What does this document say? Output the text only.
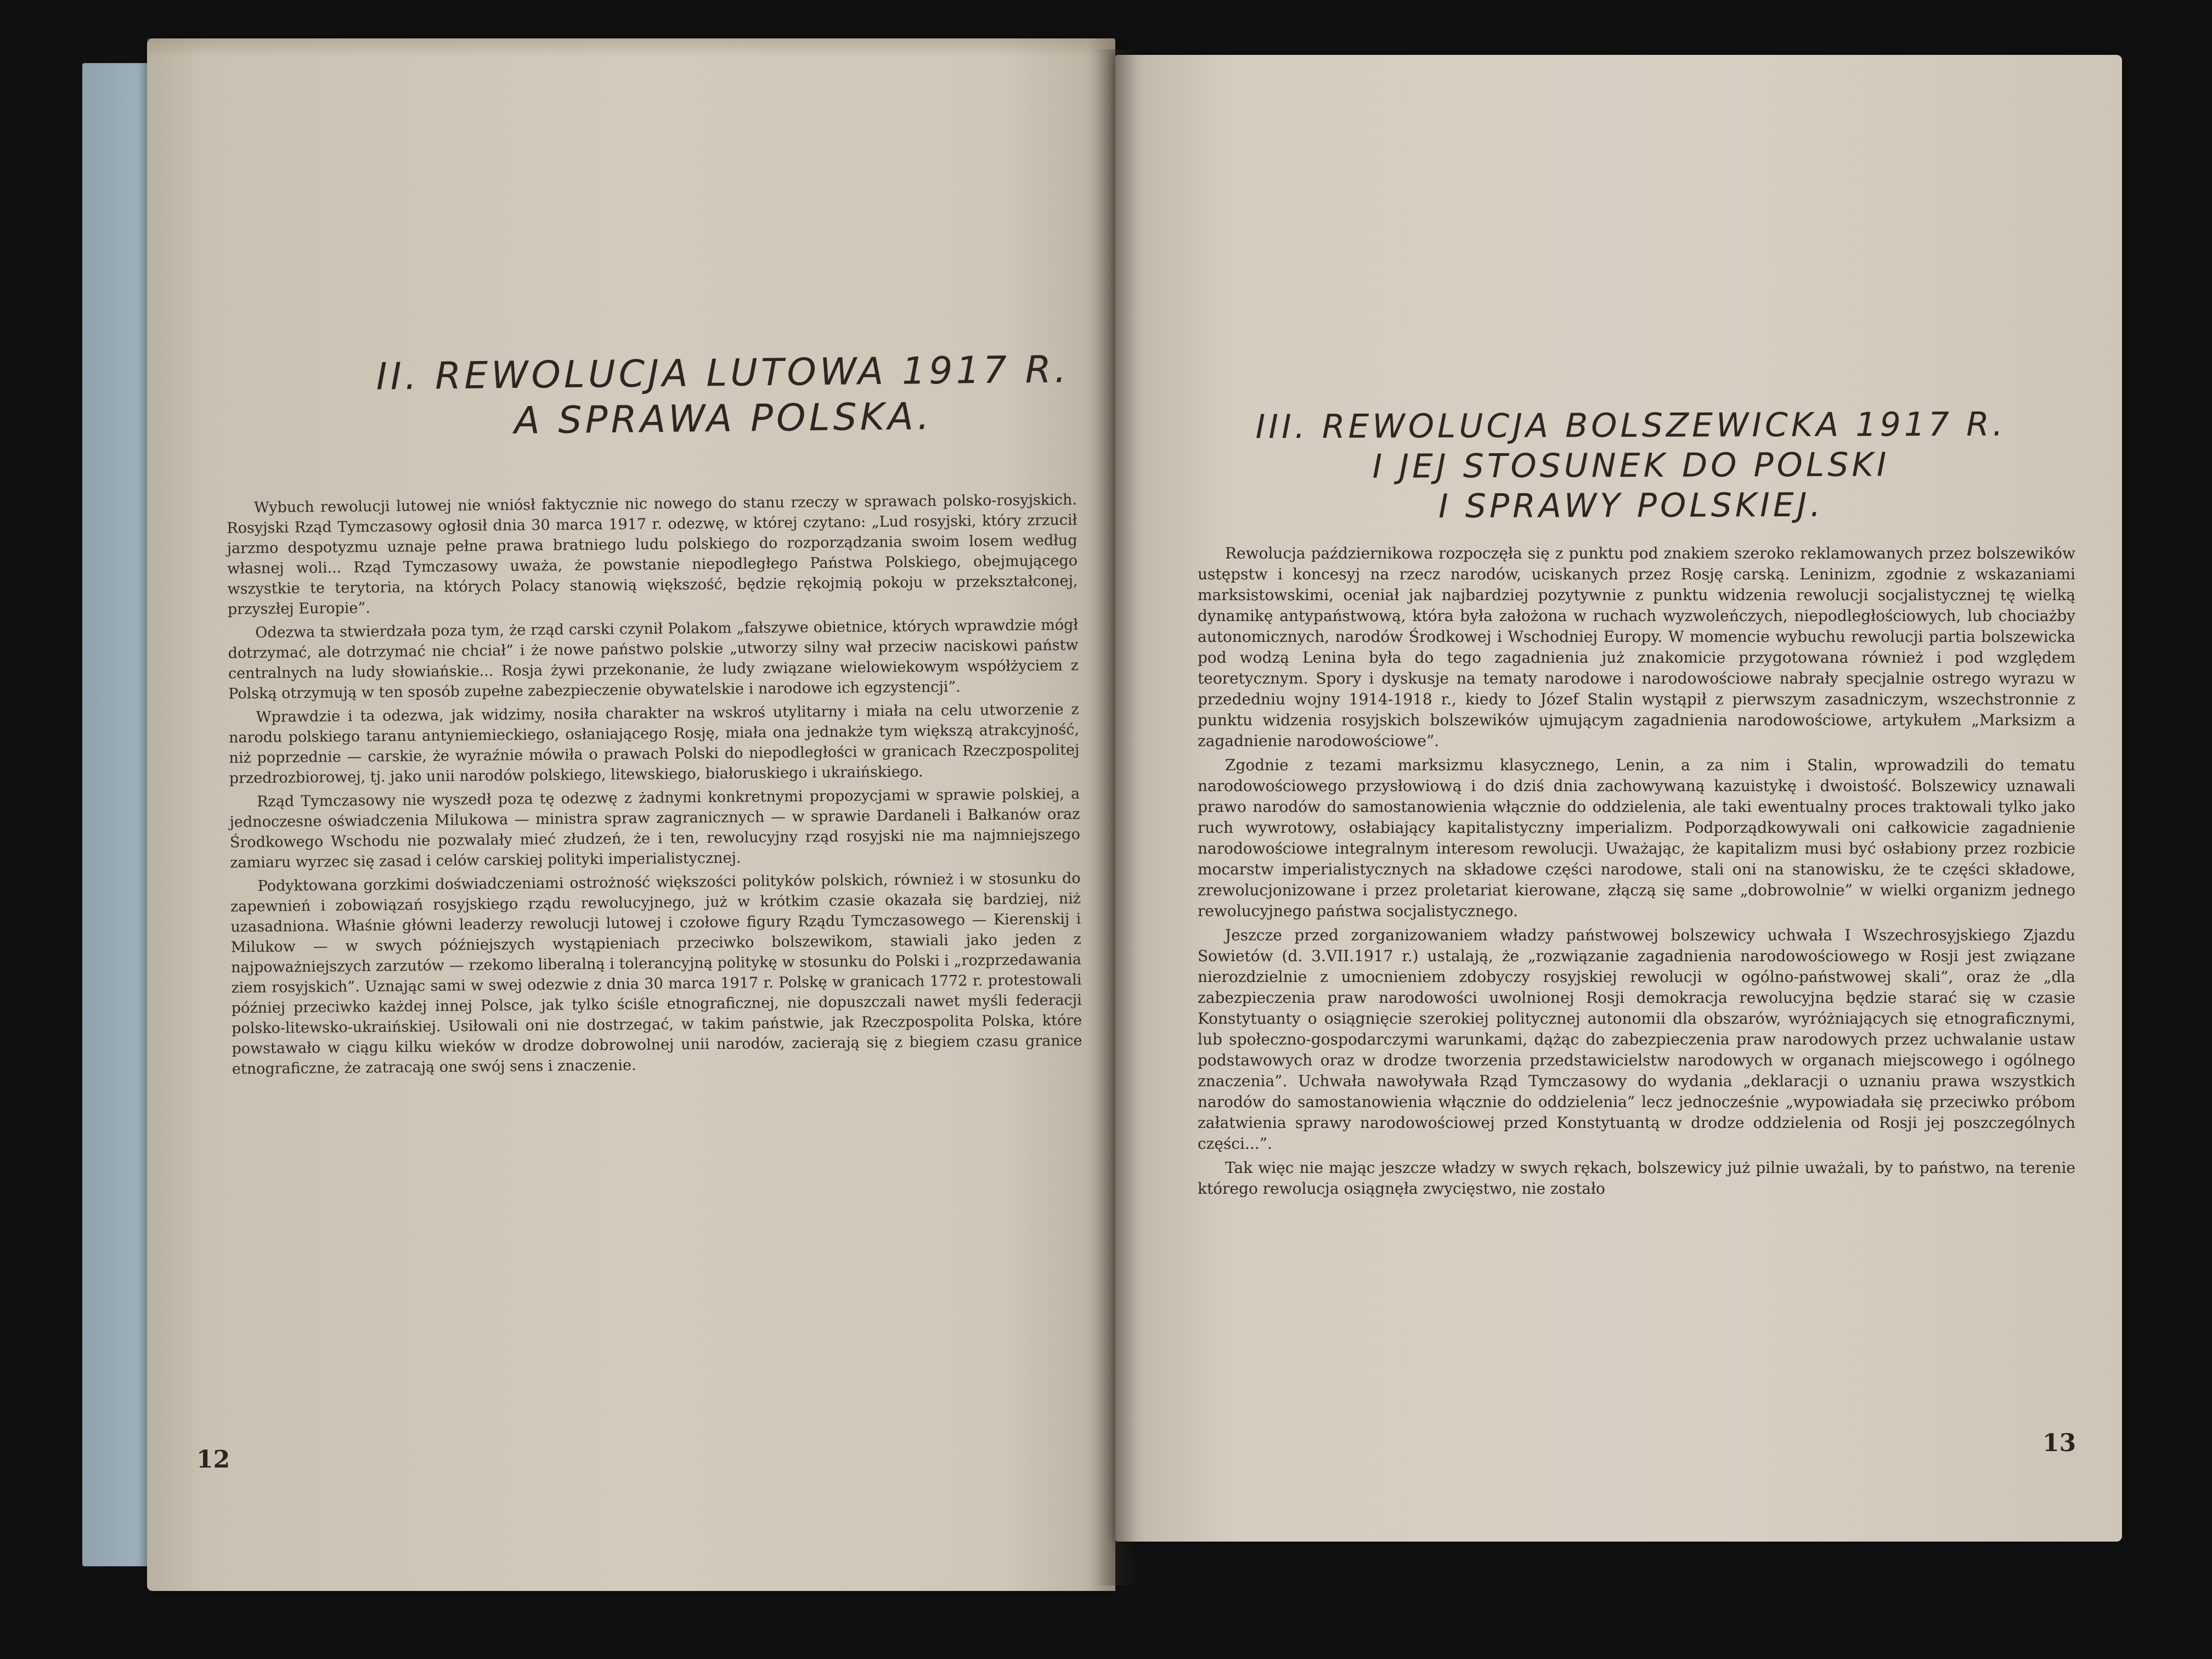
II. REWOLUCJA LUTOWA 1917 R.
A SPRAWA POLSKA.

Wybuch rewolucji lutowej nie wniósł faktycznie nic nowego do stanu rzeczy w sprawach polsko-rosyjskich. Rosyjski Rząd Tymczasowy ogłosił dnia 30 marca 1917 r. odezwę, w której czytano: „Lud rosyjski, który zrzucił jarzmo despotyzmu uznaje pełne prawa bratniego ludu polskiego do rozporządzania swoim losem według własnej woli... Rząd Tymczasowy uważa, że powstanie niepodległego Państwa Polskiego, obejmującego wszystkie te terytoria, na których Polacy stanowią większość, będzie rękojmią pokoju w przekształconej, przyszłej Europie”.

Odezwa ta stwierdzała poza tym, że rząd carski czynił Polakom „fałszywe obietnice, których wprawdzie mógł dotrzymać, ale dotrzymać nie chciał” i że nowe państwo polskie „utworzy silny wał przeciw naciskowi państw centralnych na ludy słowiańskie... Rosja żywi przekonanie, że ludy związane wielowiekowym współżyciem z Polską otrzymują w ten sposób zupełne zabezpieczenie obywatelskie i narodowe ich egzystencji”.

Wprawdzie i ta odezwa, jak widzimy, nosiła charakter na wskroś utylitarny i miała na celu utworzenie z narodu polskiego taranu antyniemieckiego, osłaniającego Rosję, miała ona jednakże tym większą atrakcyjność, niż poprzednie — carskie, że wyraźnie mówiła o prawach Polski do niepodległości w granicach Rzeczpospolitej przedrozbiorowej, tj. jako unii narodów polskiego, litewskiego, białoruskiego i ukraińskiego.

Rząd Tymczasowy nie wyszedł poza tę odezwę z żadnymi konkretnymi propozycjami w sprawie polskiej, a jednoczesne oświadczenia Milukowa — ministra spraw zagranicznych — w sprawie Dardaneli i Bałkanów oraz Środkowego Wschodu nie pozwalały mieć złudzeń, że i ten, rewolucyjny rząd rosyjski nie ma najmniejszego zamiaru wyrzec się zasad i celów carskiej polityki imperialistycznej.

Podyktowana gorzkimi doświadczeniami ostrożność większości polityków polskich, również i w stosunku do zapewnień i zobowiązań rosyjskiego rządu rewolucyjnego, już w krótkim czasie okazała się bardziej, niż uzasadniona. Właśnie główni leaderzy rewolucji lutowej i czołowe figury Rządu Tymczasowego — Kierenskij i Milukow — w swych późniejszych wystąpieniach przeciwko bolszewikom, stawiali jako jeden z najpoważniejszych zarzutów — rzekomo liberalną i tolerancyjną politykę w stosunku do Polski i „rozprzedawania ziem rosyjskich”. Uznając sami w swej odezwie z dnia 30 marca 1917 r. Polskę w granicach 1772 r. protestowali później przeciwko każdej innej Polsce, jak tylko ściśle etnograficznej, nie dopuszczali nawet myśli federacji polsko-litewsko-ukraińskiej. Usiłowali oni nie dostrzegać, w takim państwie, jak Rzeczpospolita Polska, które powstawało w ciągu kilku wieków w drodze dobrowolnej unii narodów, zacierają się z biegiem czasu granice etnograficzne, że zatracają one swój sens i znaczenie.

12
III. REWOLUCJA BOLSZEWICKA 1917 R.
I JEJ STOSUNEK DO POLSKI
I SPRAWY POLSKIEJ.

Rewolucja październikowa rozpoczęła się z punktu pod znakiem szeroko reklamowanych przez bolszewików ustępstw i koncesyj na rzecz narodów, uciskanych przez Rosję carską. Leninizm, zgodnie z wskazaniami marksistowskimi, oceniał jak najbardziej pozytywnie z punktu widzenia rewolucji socjalistycznej tę wielką dynamikę antypaństwową, która była założona w ruchach wyzwoleńczych, niepodległościowych, lub chociażby autonomicznych, narodów Środkowej i Wschodniej Europy. W momencie wybuchu rewolucji partia bolszewicka pod wodzą Lenina była do tego zagadnienia już znakomicie przygotowana również i pod względem teoretycznym. Spory i dyskusje na tematy narodowe i narodowościowe nabrały specjalnie ostrego wyrazu w przededniu wojny 1914-1918 r., kiedy to Józef Stalin wystąpił z pierwszym zasadniczym, wszechstronnie z punktu widzenia rosyjskich bolszewików ujmującym zagadnienia narodowościowe, artykułem „Marksizm a zagadnienie narodowościowe”.

Zgodnie z tezami marksizmu klasycznego, Lenin, a za nim i Stalin, wprowadzili do tematu narodowościowego przysłowiową i do dziś dnia zachowywaną kazuistykę i dwoistość. Bolszewicy uznawali prawo narodów do samostanowienia włącznie do oddzielenia, ale taki ewentualny proces traktowali tylko jako ruch wywrotowy, osłabiający kapitalistyczny imperializm. Podporządkowywali oni całkowicie zagadnienie narodowościowe integralnym interesom rewolucji. Uważając, że kapitalizm musi być osłabiony przez rozbicie mocarstw imperialistycznych na składowe części narodowe, stali oni na stanowisku, że te części składowe, zrewolucjonizowane i przez proletariat kierowane, złączą się same „dobrowolnie” w wielki organizm jednego rewolucyjnego państwa socjalistycznego.

Jeszcze przed zorganizowaniem władzy państwowej bolszewicy uchwała I Wszechrosyjskiego Zjazdu Sowietów (d. 3.VII.1917 r.) ustalają, że „rozwiązanie zagadnienia narodowościowego w Rosji jest związane nierozdzielnie z umocnieniem zdobyczy rosyjskiej rewolucji w ogólno-państwowej skali”, oraz że „dla zabezpieczenia praw narodowości uwolnionej Rosji demokracja rewolucyjna będzie starać się w czasie Konstytuanty o osiągnięcie szerokiej politycznej autonomii dla obszarów, wyróżniających się etnograficznymi, lub społeczno-gospodarczymi warunkami, dążąc do zabezpieczenia praw narodowych przez uchwalanie ustaw podstawowych oraz w drodze tworzenia przedstawicielstw narodowych w organach miejscowego i ogólnego znaczenia”. Uchwała nawoływała Rząd Tymczasowy do wydania „deklaracji o uznaniu prawa wszystkich narodów do samostanowienia włącznie do oddzielenia” lecz jednocześnie „wypowiadała się przeciwko próbom załatwienia sprawy narodowościowej przed Konstytuantą w drodze oddzielenia od Rosji jej poszczególnych części...”.

Tak więc nie mając jeszcze władzy w swych rękach, bolszewicy już pilnie uważali, by to państwo, na terenie którego rewolucja osiągnęła zwycięstwo, nie zostało

13
